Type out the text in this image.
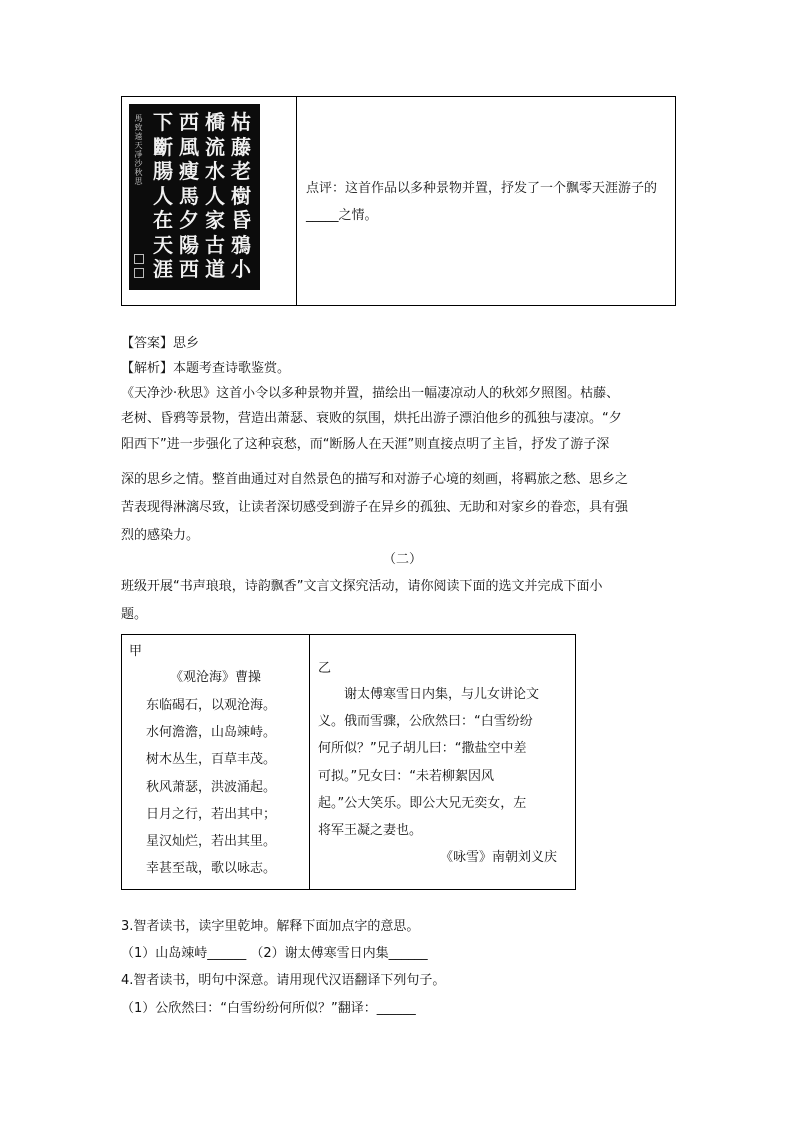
馬致遠天凈沙秋思 下
斷
腸
人
在
天
涯
西
風
瘦
馬
夕
陽
西
橋
流
水
人
家
古
道
枯
藤
老
樹
昏
鴉
小
点评：这首作品以多种景物并置，抒发了一个飘零天涯游子的_____之情。
【答案】思乡
【解析】本题考查诗歌鉴赏。
《天净沙·秋思》这首小令以多种景物并置，描绘出一幅凄凉动人的秋郊夕照图。枯藤、
老树、昏鸦等景物，营造出萧瑟、衰败的氛围，烘托出游子漂泊他乡的孤独与凄凉。“夕
阳西下”进一步强化了这种哀愁，而“断肠人在天涯”则直接点明了主旨，抒发了游子深
深的思乡之情。整首曲通过对自然景色的描写和对游子心境的刻画，将羁旅之愁、思乡之
苦表现得淋漓尽致，让读者深切感受到游子在异乡的孤独、无助和对家乡的眷恋，具有强
烈的感染力。
（二）
班级开展“书声琅琅，诗韵飘香”文言文探究活动，请你阅读下面的选文并完成下面小
题。
甲
《观沧海》曹操
东临碣石，以观沧海。
水何澹澹，山岛竦峙。
树木丛生，百草丰茂。
秋风萧瑟，洪波涌起。
日月之行，若出其中；
星汉灿烂，若出其里。
幸甚至哉，歌以咏志。
乙
谢太傅寒雪日内集，与儿女讲论文
义。俄而雪骤，公欣然曰：“白雪纷纷
何所似？”兄子胡儿曰：“撒盐空中差
可拟。”兄女曰：“未若柳絮因风
起。”公大笑乐。即公大兄无奕女，左
将军王凝之妻也。
《咏雪》南朝刘义庆
3.智者读书，读字里乾坤。解释下面加点字的意思。
（1）山岛竦峙______ （2）谢太傅寒雪日内集______
4.智者读书，明句中深意。请用现代汉语翻译下列句子。
（1）公欣然曰：“白雪纷纷何所似？”翻译：______
